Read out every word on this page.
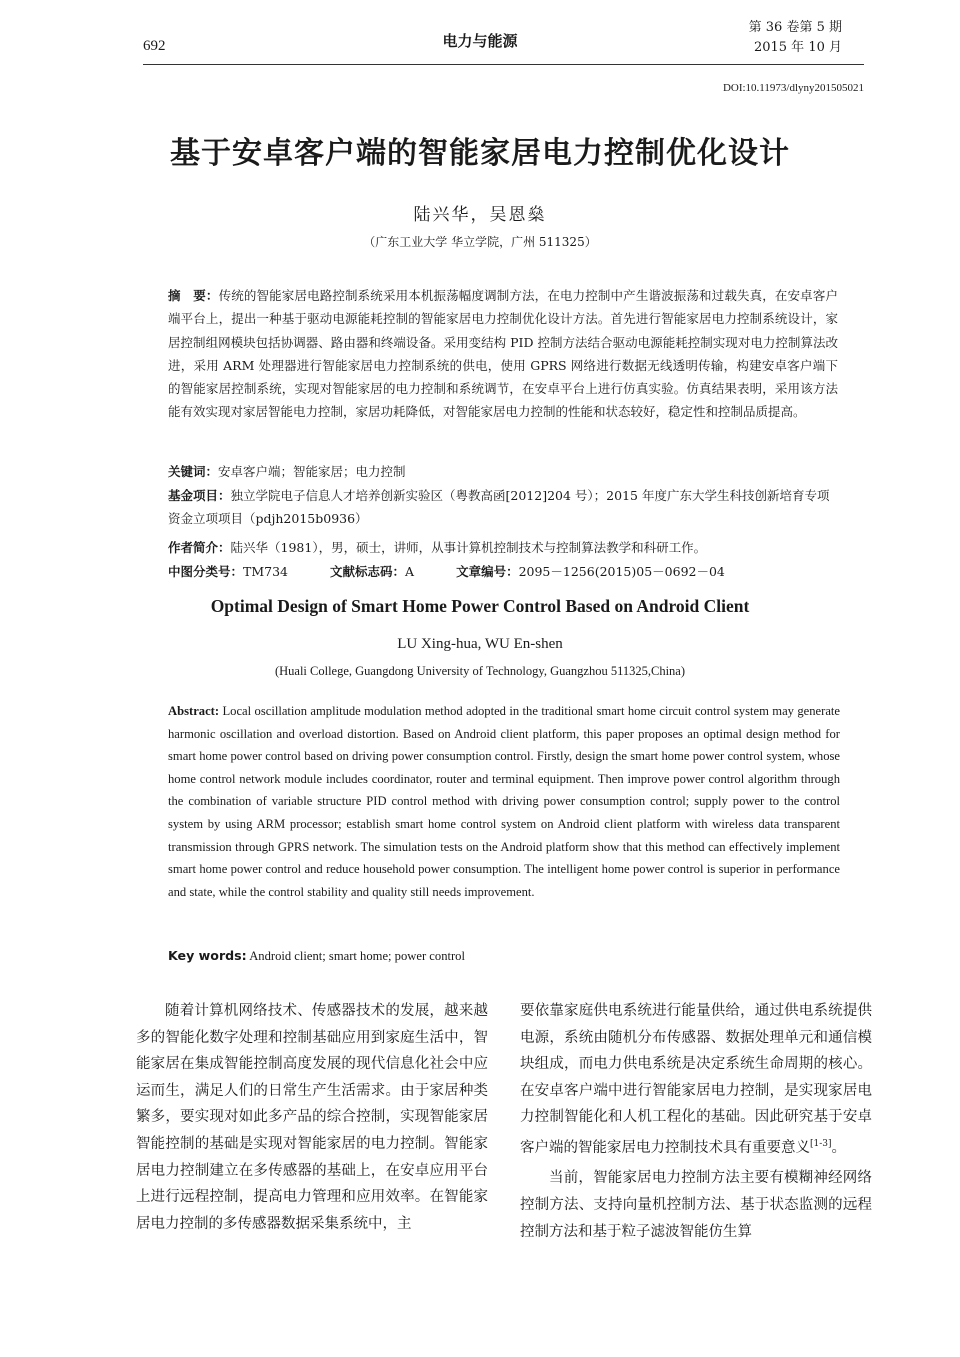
692	电力与能源
第 36 卷第 5 期
2015 年 10 月
DOI:10.11973/dlyny201505021
基于安卓客户端的智能家居电力控制优化设计
陆兴华，吴恩燊
（广东工业大学 华立学院，广州 511325）

摘　要：传统的智能家居电路控制系统采用本机振荡幅度调制方法，在电力控制中产生谐波振荡和过载失真，在安卓客户端平台上，提出一种基于驱动电源能耗控制的智能家居电力控制优化设计方法。首先进行智能家居电力控制系统设计，家居控制组网模块包括协调器、路由器和终端设备。采用变结构 PID 控制方法结合驱动电源能耗控制实现对电力控制算法改进，采用 ARM 处理器进行智能家居电力控制系统的供电，使用 GPRS 网络进行数据无线透明传输，构建安卓客户端下的智能家居控制系统，实现对智能家居的电力控制和系统调节，在安卓平台上进行仿真实验。仿真结果表明，采用该方法能有效实现对家居智能电力控制，家居功耗降低，对智能家居电力控制的性能和状态较好，稳定性和控制品质提高。

关键词：安卓客户端；智能家居；电力控制
基金项目：独立学院电子信息人才培养创新实验区（粤教高函[2012]204 号）；2015 年度广东大学生科技创新培育专项资金立项项目（pdjh2015b0936）
作者简介：陆兴华（1981），男，硕士，讲师，从事计算机控制技术与控制算法教学和科研工作。
中图分类号：TM734	文献标志码：A	文章编号：2095－1256(2015)05－0692－04
Optimal Design of Smart Home Power Control Based on Android Client
LU Xing-hua, WU En-shen
(Huali College, Guangdong University of Technology, Guangzhou 511325,China)

Abstract: Local oscillation amplitude modulation method adopted in the traditional smart home circuit control system may generate harmonic oscillation and overload distortion. Based on Android client platform, this paper proposes an optimal design method for smart home power control based on driving power consumption control. Firstly, design the smart home power control system, whose home control network module includes coordinator, router and terminal equipment. Then improve power control algorithm through the combination of variable structure PID control method with driving power consumption control; supply power to the control system by using ARM processor; establish smart home control system on Android client platform with wireless data transparent transmission through GPRS network. The simulation tests on the Android platform show that this method can effectively implement smart home power control and reduce household power consumption. The intelligent home power control is superior in performance and state, while the control stability and quality still needs improvement.

Key words: Android client; smart home; power control

随着计算机网络技术、传感器技术的发展，越来越多的智能化数字处理和控制基础应用到家庭生活中，智能家居在集成智能控制高度发展的现代信息化社会中应运而生，满足人们的日常生产生活需求。由于家居种类繁多，要实现对如此多产品的综合控制，实现智能家居智能控制的基础是实现对智能家居的电力控制。智能家居电力控制建立在多传感器的基础上，在安卓应用平台上进行远程控制，提高电力管理和应用效率。在智能家居电力控制的多传感器数据采集系统中，主

要依靠家庭供电系统进行能量供给，通过供电系统提供电源，系统由随机分布传感器、数据处理单元和通信模块组成，而电力供电系统是决定系统生命周期的核心。在安卓客户端中进行智能家居电力控制，是实现家居电力控制智能化和人机工程化的基础。因此研究基于安卓客户端的智能家居电力控制技术具有重要意义[1-3]。

当前，智能家居电力控制方法主要有模糊神经网络控制方法、支持向量机控制方法、基于状态监测的远程控制方法和基于粒子滤波智能仿生算
